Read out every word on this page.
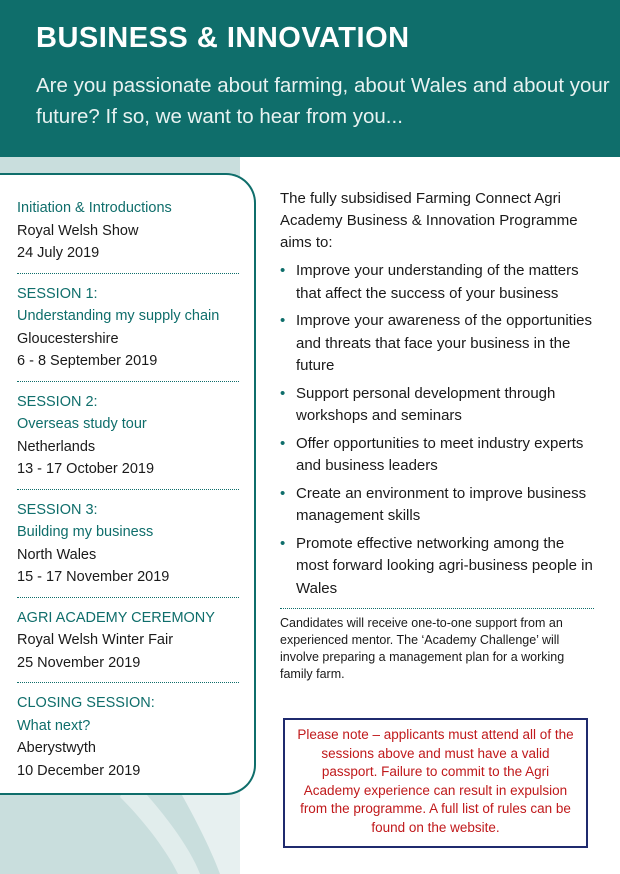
BUSINESS & INNOVATION

Are you passionate about farming, about Wales and about your future? If so, we want to hear from you...

Initiation & Introductions
Royal Welsh Show
24 July 2019
SESSION 1:
Understanding my supply chain
Gloucestershire
6 - 8 September 2019
SESSION 2:
Overseas study tour
Netherlands
13 - 17 October 2019
SESSION 3:
Building my business
North Wales
15 - 17 November 2019
AGRI ACADEMY CEREMONY
Royal Welsh Winter Fair
25 November 2019
CLOSING SESSION:
What next?
Aberystwyth
10 December 2019

The fully subsidised Farming Connect Agri Academy Business & Innovation Programme aims to:

• Improve your understanding of the matters that affect the success of your business
• Improve your awareness of the opportunities and threats that face your business in the future
• Support personal development through workshops and seminars
• Offer opportunities to meet industry experts and business leaders
• Create an environment to improve business management skills
• Promote effective networking among the most forward looking agri-business people in Wales

Candidates will receive one-to-one support from an experienced mentor. The ‘Academy Challenge’ will involve preparing a management plan for a working family farm.

Please note – applicants must attend all of the sessions above and must have a valid passport. Failure to commit to the Agri Academy experience can result in expulsion from the programme. A full list of rules can be found on the website.
